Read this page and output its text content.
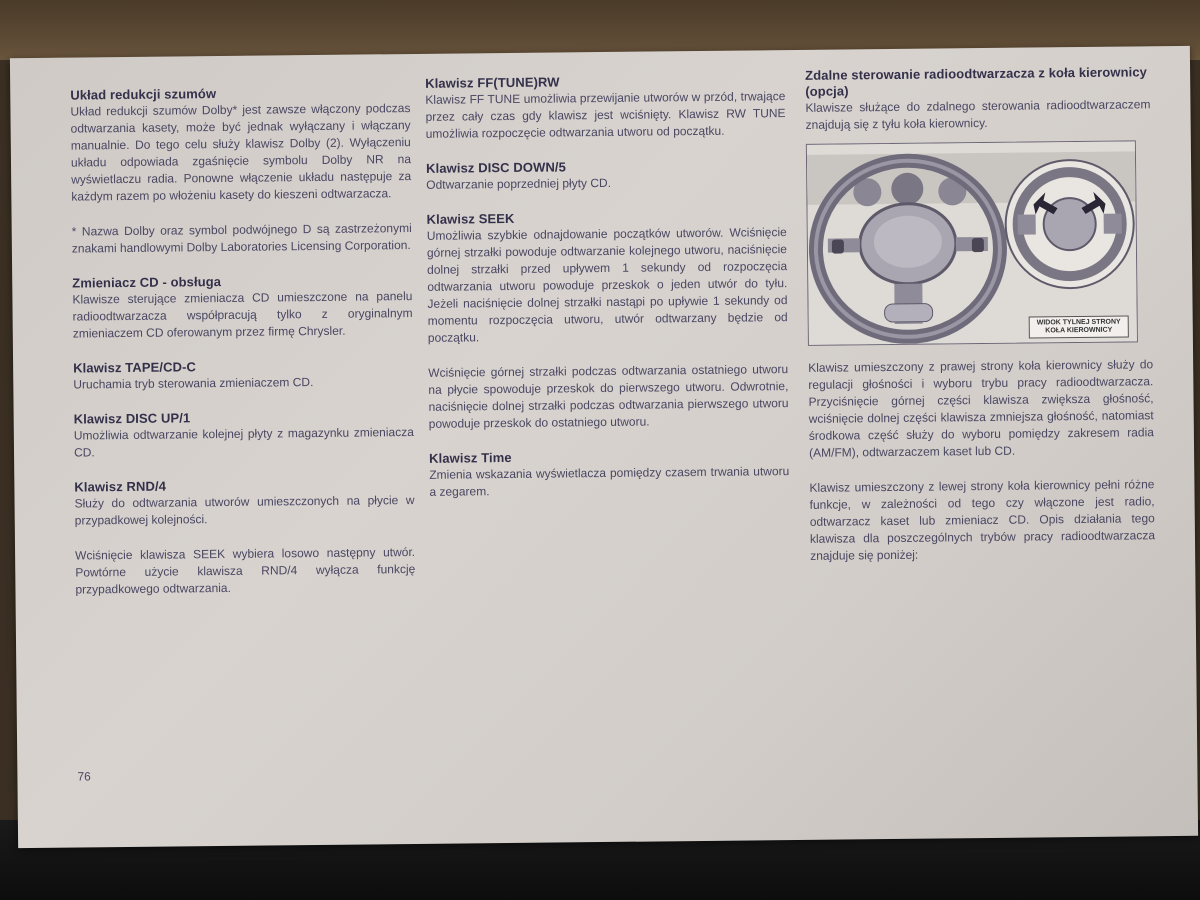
Układ redukcji szumów
Układ redukcji szumów Dolby* jest zawsze włączony podczas odtwarzania kasety, może być jednak wyłączany i włączany manualnie. Do tego celu służy klawisz Dolby (2). Wyłączeniu układu odpowiada zgaśnięcie symbolu Dolby NR na wyświetlaczu radia. Ponowne włączenie układu następuje za każdym razem po włożeniu kasety do kieszeni odtwarzacza.
* Nazwa Dolby oraz symbol podwójnego D są zastrzeżonymi znakami handlowymi Dolby Laboratories Licensing Corporation.
Zmieniacz CD - obsługa
Klawisze sterujące zmieniacza CD umieszczone na panelu radioodtwarzacza współpracują tylko z oryginalnym zmieniaczem CD oferowanym przez firmę Chrysler.
Klawisz TAPE/CD-C
Uruchamia tryb sterowania zmieniaczem CD.
Klawisz DISC UP/1
Umożliwia odtwarzanie kolejnej płyty z magazynku zmieniacza CD.
Klawisz RND/4
Służy do odtwarzania utworów umieszczonych na płycie w przypadkowej kolejności.
Wciśnięcie klawisza SEEK wybiera losowo następny utwór. Powtórne użycie klawisza RND/4 wyłącza funkcję przypadkowego odtwarzania.
Klawisz FF(TUNE)RW
Klawisz FF TUNE umożliwia przewijanie utworów w przód, trwające przez cały czas gdy klawisz jest wciśnięty. Klawisz RW TUNE umożliwia rozpoczęcie odtwarzania utworu od początku.
Klawisz DISC DOWN/5
Odtwarzanie poprzedniej płyty CD.
Klawisz SEEK
Umożliwia szybkie odnajdowanie początków utworów. Wciśnięcie górnej strzałki powoduje odtwarzanie kolejnego utworu, naciśnięcie dolnej strzałki przed upływem 1 sekundy od rozpoczęcia odtwarzania utworu powoduje przeskok o jeden utwór do tyłu. Jeżeli naciśnięcie dolnej strzałki nastąpi po upływie 1 sekundy od momentu rozpoczęcia utworu, utwór odtwarzany będzie od początku.
Wciśnięcie górnej strzałki podczas odtwarzania ostatniego utworu na płycie spowoduje przeskok do pierwszego utworu. Odwrotnie, naciśnięcie dolnej strzałki podczas odtwarzania pierwszego utworu powoduje przeskok do ostatniego utworu.
Klawisz Time
Zmienia wskazania wyświetlacza pomiędzy czasem trwania utworu a zegarem.
Zdalne sterowanie radioodtwarzacza z koła kierownicy (opcja)
Klawisze służące do zdalnego sterowania radioodtwarzaczem znajdują się z tyłu koła kierownicy.
WIDOK TYLNEJ STRONY KOŁA KIEROWNICY
Klawisz umieszczony z prawej strony koła kierownicy służy do regulacji głośności i wyboru trybu pracy radioodtwarzacza. Przyciśnięcie górnej części klawisza zwiększa głośność, wciśnięcie dolnej części klawisza zmniejsza głośność, natomiast środkowa część służy do wyboru pomiędzy zakresem radia (AM/FM), odtwarzaczem kaset lub CD.
Klawisz umieszczony z lewej strony koła kierownicy pełni różne funkcje, w zależności od tego czy włączone jest radio, odtwarzacz kaset lub zmieniacz CD. Opis działania tego klawisza dla poszczególnych trybów pracy radioodtwarzacza znajduje się poniżej:
76
